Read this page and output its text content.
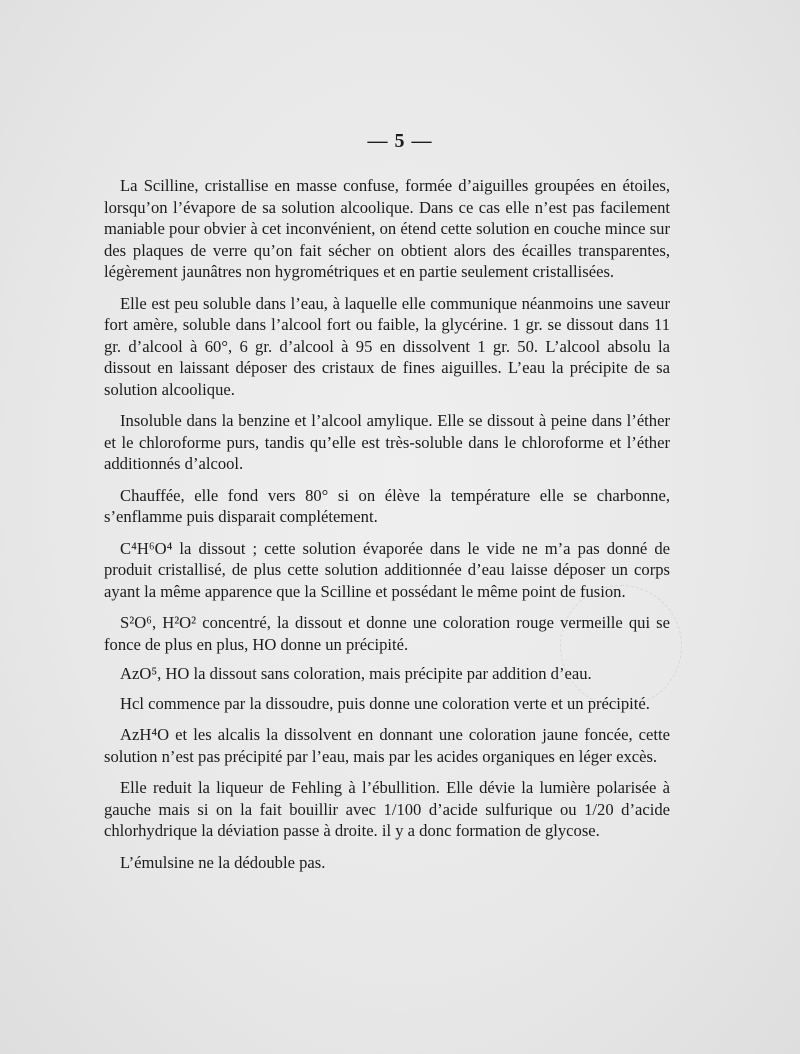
— 5 —

La Scilline, cristallise en masse confuse, formée d’aiguilles groupées en étoiles, lorsqu’on l’évapore de sa solution alcoolique. Dans ce cas elle n’est pas facilement maniable pour obvier à cet inconvénient, on étend cette solution en couche mince sur des plaques de verre qu’on fait sécher on obtient alors des écailles transparentes, légèrement jaunâtres non hygrométriques et en partie seulement cristallisées.

Elle est peu soluble dans l’eau, à laquelle elle communique néanmoins une saveur fort amère, soluble dans l’alcool fort ou faible, la glycérine. 1 gr. se dissout dans 11 gr. d’alcool à 60°, 6 gr. d’alcool à 95 en dissolvent 1 gr. 50. L’alcool absolu la dissout en laissant déposer des cristaux de fines aiguilles. L’eau la précipite de sa solution alcoolique.

Insoluble dans la benzine et l’alcool amylique. Elle se dissout à peine dans l’éther et le chloroforme purs, tandis qu’elle est très-soluble dans le chloroforme et l’éther additionnés d’alcool.

Chauffée, elle fond vers 80° si on élève la température elle se charbonne, s’enflamme puis disparait complétement.

C⁴H⁶O⁴ la dissout ; cette solution évaporée dans le vide ne m’a pas donné de produit cristallisé, de plus cette solution additionnée d’eau laisse déposer un corps ayant la même apparence que la Scilline et possédant le même point de fusion.

S²O⁶, H²O² concentré, la dissout et donne une coloration rouge vermeille qui se fonce de plus en plus, HO donne un précipité.

AzO⁵, HO la dissout sans coloration, mais précipite par addition d’eau.

Hcl commence par la dissoudre, puis donne une coloration verte et un précipité.

AzH⁴O et les alcalis la dissolvent en donnant une coloration jaune foncée, cette solution n’est pas précipité par l’eau, mais par les acides organiques en léger excès.

Elle reduit la liqueur de Fehling à l’ébullition. Elle dévie la lumière polarisée à gauche mais si on la fait bouillir avec 1/100 d’acide sulfurique ou 1/20 d’acide chlorhydrique la déviation passe à droite. il y a donc formation de glycose.

L’émulsine ne la dédouble pas.
